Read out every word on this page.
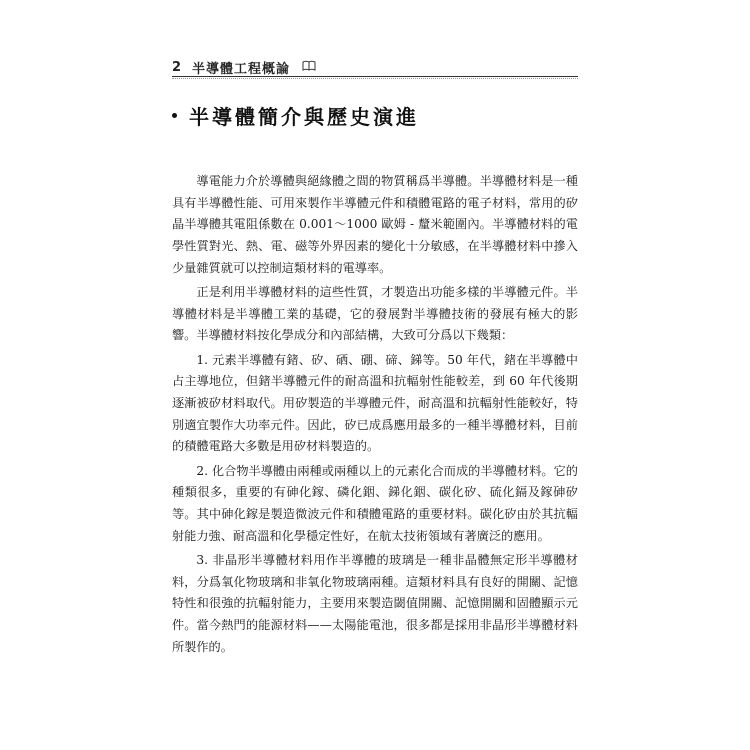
2 半導體工程概論
半導體簡介與歷史演進

導電能力介於導體與絕緣體之間的物質稱爲半導體。半導體材料是一種具有半導體性能、可用來製作半導體元件和積體電路的電子材料，常用的矽晶半導體其電阻係數在 0.001～1000 歐姆 - 釐米範圍內。半導體材料的電學性質對光、熱、電、磁等外界因素的變化十分敏感，在半導體材料中摻入少量雜質就可以控制這類材料的電導率。

正是利用半導體材料的這些性質，才製造出功能多樣的半導體元件。半導體材料是半導體工業的基礎，它的發展對半導體技術的發展有極大的影響。半導體材料按化學成分和內部結構，大致可分爲以下幾類：

1. 元素半導體有鍺、矽、硒、硼、碲、銻等。50 年代，鍺在半導體中占主導地位，但鍺半導體元件的耐高溫和抗輻射性能較差，到 60 年代後期逐漸被矽材料取代。用矽製造的半導體元件，耐高溫和抗輻射性能較好，特別適宜製作大功率元件。因此，矽已成爲應用最多的一種半導體材料，目前的積體電路大多數是用矽材料製造的。

2. 化合物半導體由兩種或兩種以上的元素化合而成的半導體材料。它的種類很多，重要的有砷化鎵、磷化銦、銻化銦、碳化矽、硫化鎘及鎵砷矽等。其中砷化鎵是製造微波元件和積體電路的重要材料。碳化矽由於其抗輻射能力強、耐高溫和化學穩定性好，在航太技術領域有著廣泛的應用。

3. 非晶形半導體材料用作半導體的玻璃是一種非晶體無定形半導體材料，分爲氧化物玻璃和非氧化物玻璃兩種。這類材料具有良好的開關、記憶特性和很強的抗輻射能力，主要用來製造閾值開關、記憶開關和固體顯示元件。當今熱門的能源材料——太陽能電池，很多都是採用非晶形半導體材料所製作的。
